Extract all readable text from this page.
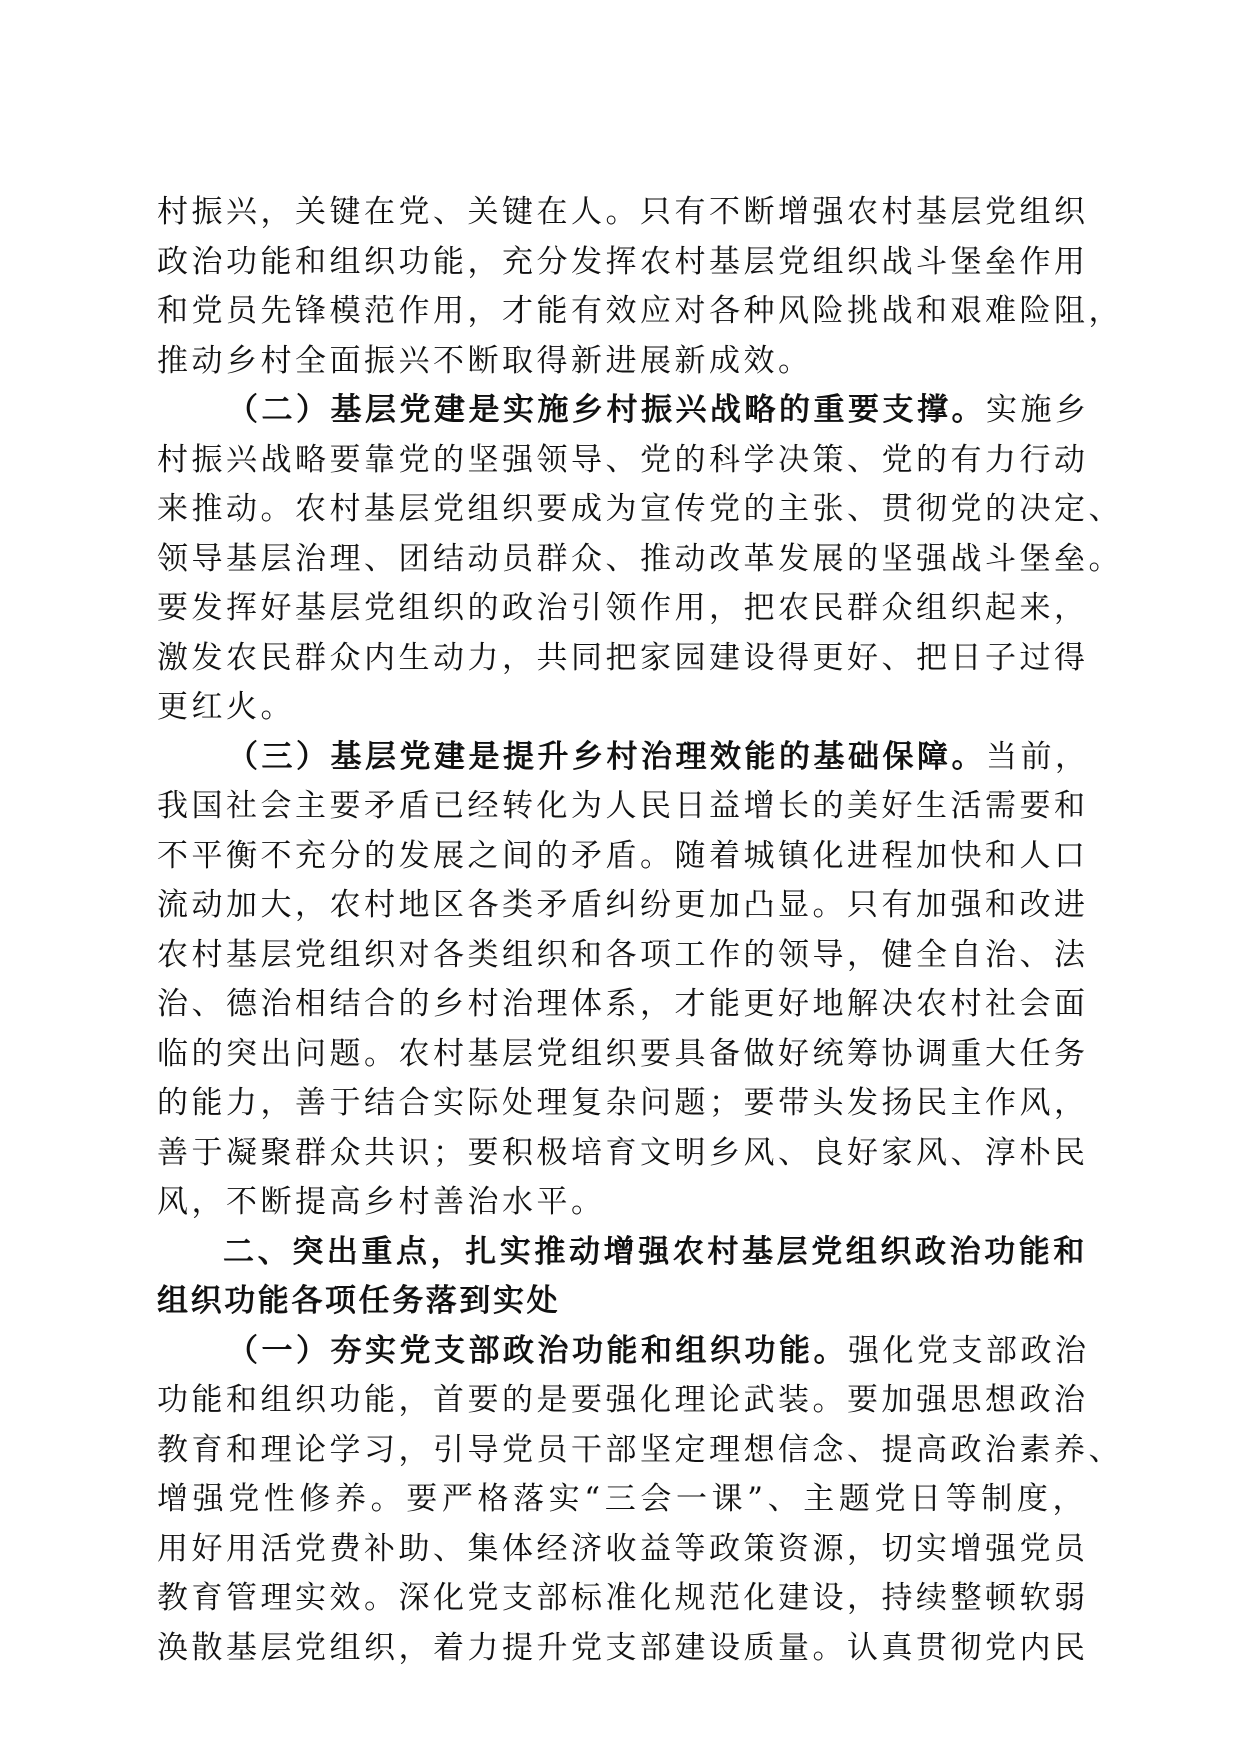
村振兴，关键在党、关键在人。只有不断增强农村基层党组织
政治功能和组织功能，充分发挥农村基层党组织战斗堡垒作用
和党员先锋模范作用，才能有效应对各种风险挑战和艰难险阻，
推动乡村全面振兴不断取得新进展新成效。
（二）基层党建是实施乡村振兴战略的重要支撑。实施乡
村振兴战略要靠党的坚强领导、党的科学决策、党的有力行动
来推动。农村基层党组织要成为宣传党的主张、贯彻党的决定、
领导基层治理、团结动员群众、推动改革发展的坚强战斗堡垒。
要发挥好基层党组织的政治引领作用，把农民群众组织起来，
激发农民群众内生动力，共同把家园建设得更好、把日子过得
更红火。
（三）基层党建是提升乡村治理效能的基础保障。当前，
我国社会主要矛盾已经转化为人民日益增长的美好生活需要和
不平衡不充分的发展之间的矛盾。随着城镇化进程加快和人口
流动加大，农村地区各类矛盾纠纷更加凸显。只有加强和改进
农村基层党组织对各类组织和各项工作的领导，健全自治、法
治、德治相结合的乡村治理体系，才能更好地解决农村社会面
临的突出问题。农村基层党组织要具备做好统筹协调重大任务
的能力，善于结合实际处理复杂问题；要带头发扬民主作风，
善于凝聚群众共识；要积极培育文明乡风、良好家风、淳朴民
风，不断提高乡村善治水平。
二、突出重点，扎实推动增强农村基层党组织政治功能和
组织功能各项任务落到实处
（一）夯实党支部政治功能和组织功能。强化党支部政治
功能和组织功能，首要的是要强化理论武装。要加强思想政治
教育和理论学习，引导党员干部坚定理想信念、提高政治素养、
增强党性修养。要严格落实“三会一课”、主题党日等制度，
用好用活党费补助、集体经济收益等政策资源，切实增强党员
教育管理实效。深化党支部标准化规范化建设，持续整顿软弱
涣散基层党组织，着力提升党支部建设质量。认真贯彻党内民
